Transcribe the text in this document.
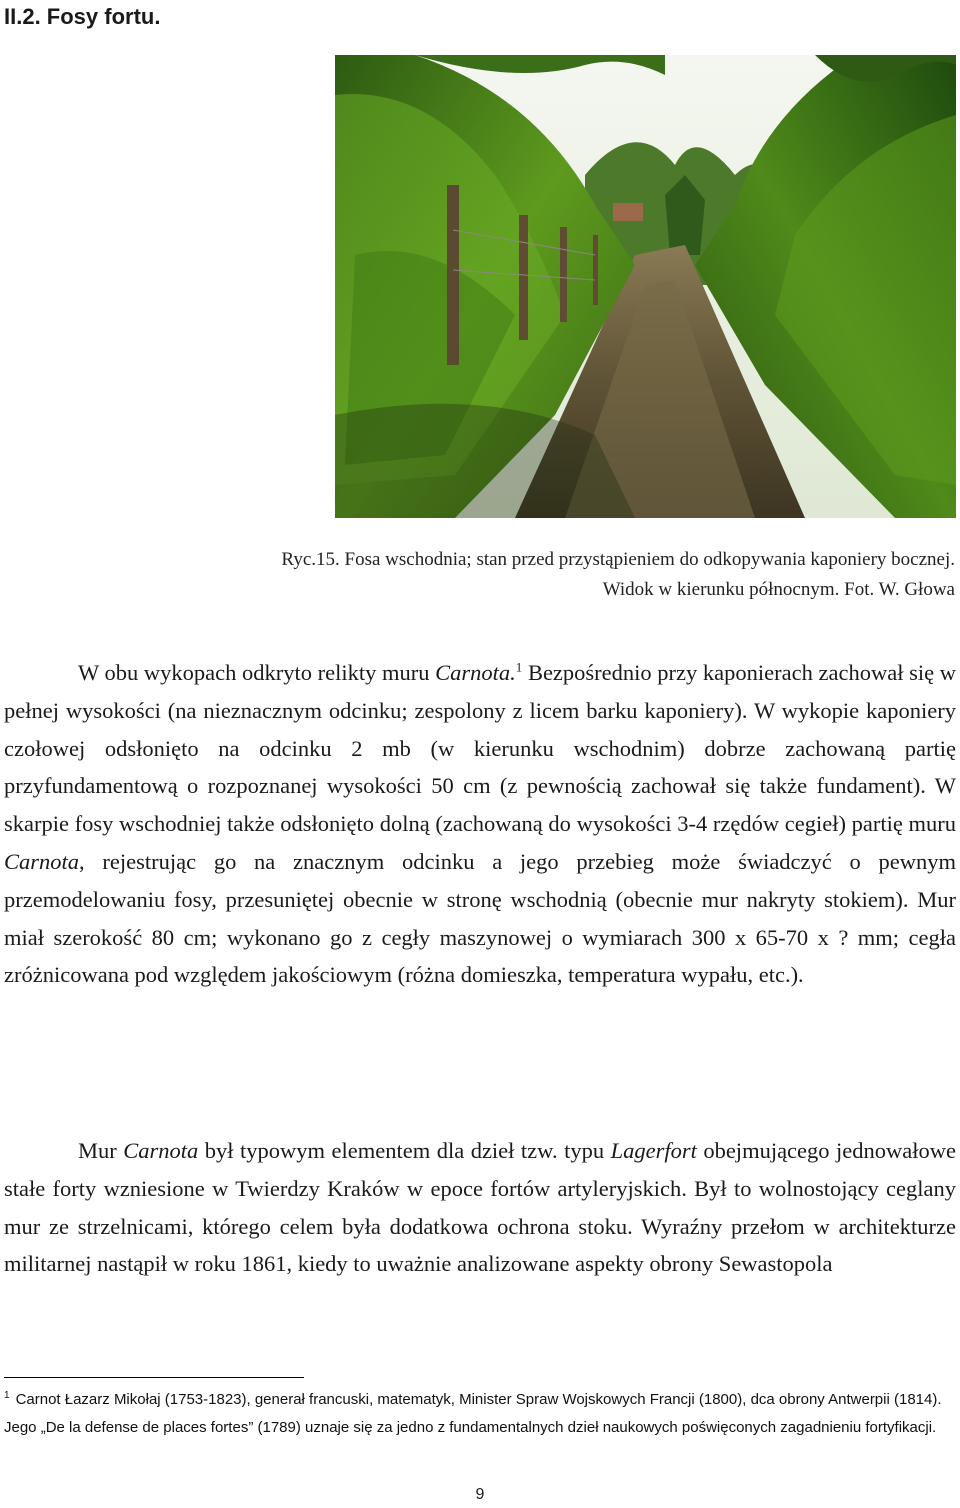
II.2. Fosy fortu.
Ryc.15. Fosa wschodnia; stan przed przystąpieniem do odkopywania kaponiery bocznej.
Widok w kierunku północnym. Fot. W. Głowa

W obu wykopach odkryto relikty muru Carnota.$^1$ Bezpośrednio przy kaponierach zachował się w pełnej wysokości (na nieznacznym odcinku; zespolony z licem barku kaponiery). W wykopie kaponiery czołowej odsłonięto na odcinku 2 mb (w kierunku wschodnim) dobrze zachowaną partię przyfundamentową o rozpoznanej wysokości 50 cm (z pewnością zachował się także fundament). W skarpie fosy wschodniej także odsłonięto dolną (zachowaną do wysokości 3-4 rzędów cegieł) partię muru Carnota, rejestrując go na znacznym odcinku a jego przebieg może świadczyć o pewnym przemodelowaniu fosy, przesuniętej obecnie w stronę wschodnią (obecnie mur nakryty stokiem). Mur miał szerokość 80 cm; wykonano go z cegły maszynowej o wymiarach 300 x 65-70 x ? mm; cegła zróżnicowana pod względem jakościowym (różna domieszka, temperatura wypału, etc.).

Mur Carnota był typowym elementem dla dzieł tzw. typu Lagerfort obejmującego jednowałowe stałe forty wzniesione w Twierdzy Kraków w epoce fortów artyleryjskich. Był to wolnostojący ceglany mur ze strzelnicami, którego celem była dodatkowa ochrona stoku. Wyraźny przełom w architekturze militarnej nastąpił w roku 1861, kiedy to uważnie analizowane aspekty obrony Sewastopola

$^1$ Carnot Łazarz Mikołaj (1753-1823), generał francuski, matematyk, Minister Spraw Wojskowych Francji (1800), dca obrony Antwerpii (1814). Jego „De la defense de places fortes” (1789) uznaje się za jedno z fundamentalnych dzieł naukowych poświęconych zagadnieniu fortyfikacji.

9
